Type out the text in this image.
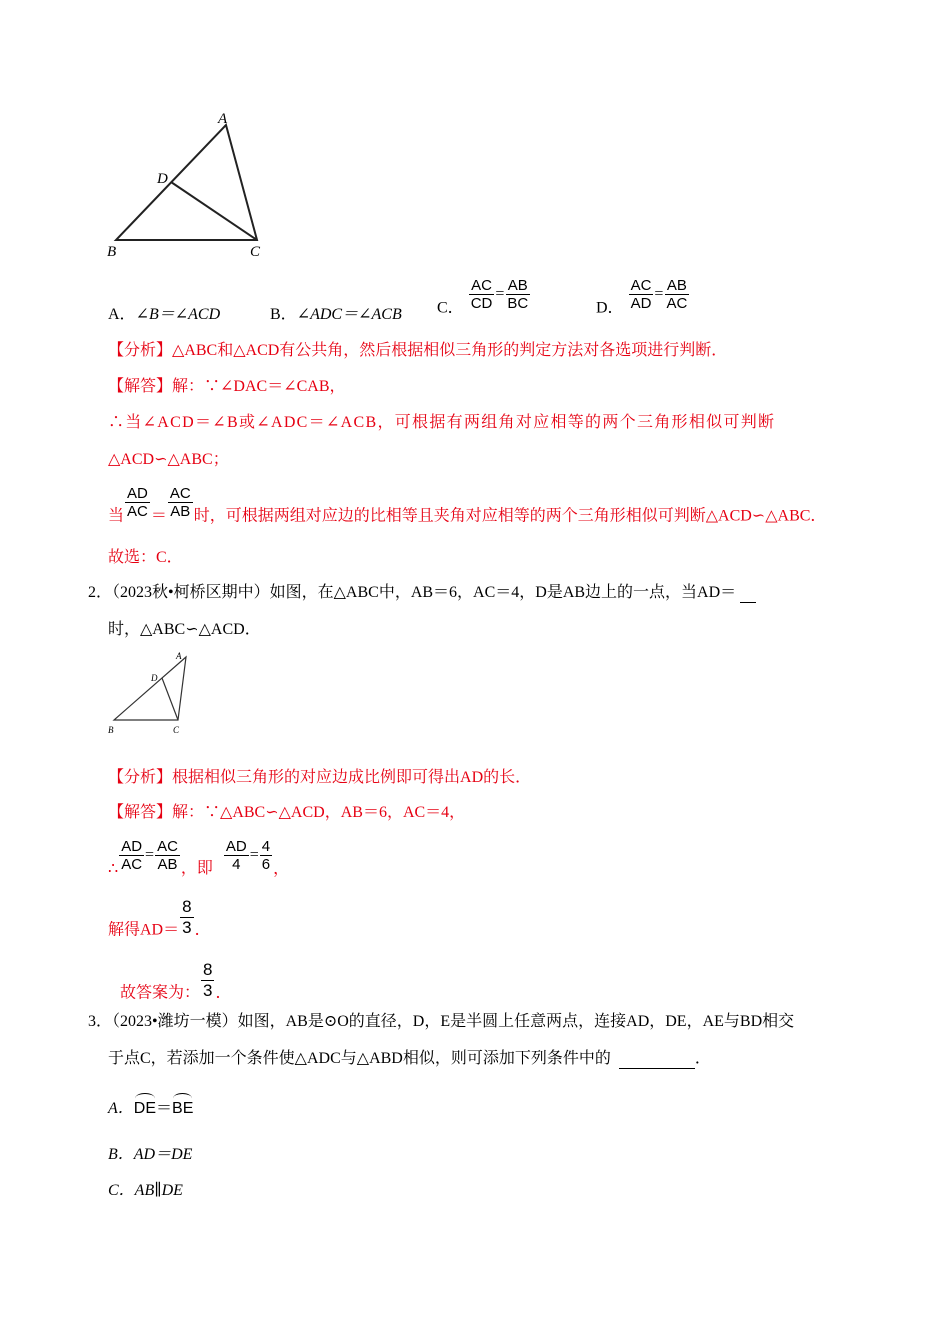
A
D
B	C
A．∠B＝∠ACD	B．∠ADC＝∠ACB C． $\frac{AC}{CD} = \frac{AB}{BC}$	D． $\frac{AC}{AD} = \frac{AB}{AC}$
【分析】△ABC和△ACD有公共角，然后根据相似三角形的判定方法对各选项进行判断．
【解答】解：∵∠DAC＝∠CAB，
∴当∠ACD＝∠B或∠ADC＝∠ACB，可根据有两组角对应相等的两个三角形相似可判断
△ACD∽△ABC；
当 $\frac{AD}{AC} = \frac{AC}{AB}$ 时，可根据两组对应边的比相等且夹角对应相等的两个三角形相似可判断△ACD∽△ABC．
故选：C．
2．（2023秋•柯桥区期中）如图，在△ABC中，AB＝6，AC＝4，D是AB边上的一点，当AD＝
时，△ABC∽△ACD．
A
D
B	C
【分析】根据相似三角形的对应边成比例即可得出AD的长．
【解答】解：∵△ABC∽△ACD，AB＝6，AC＝4，
∴ $\frac{AD}{AC} = \frac{AC}{AB}$ ，即 $\frac{AD}{4} = \frac{4}{6}$ ，
解得$AD= \frac{8}{3}$ ．
故答案为： $\frac{8}{3}$ ．
3．（2023•潍坊一模）如图，AB是⊙O的直径，D，E是半圆上任意两点，连接AD，DE，AE与BD相交
于点C，若添加一个条件使△ADC与△ABD相似，则可添加下列条件中的	．
A．DE＝BE
B．AD＝DE
C．AB∥DE
